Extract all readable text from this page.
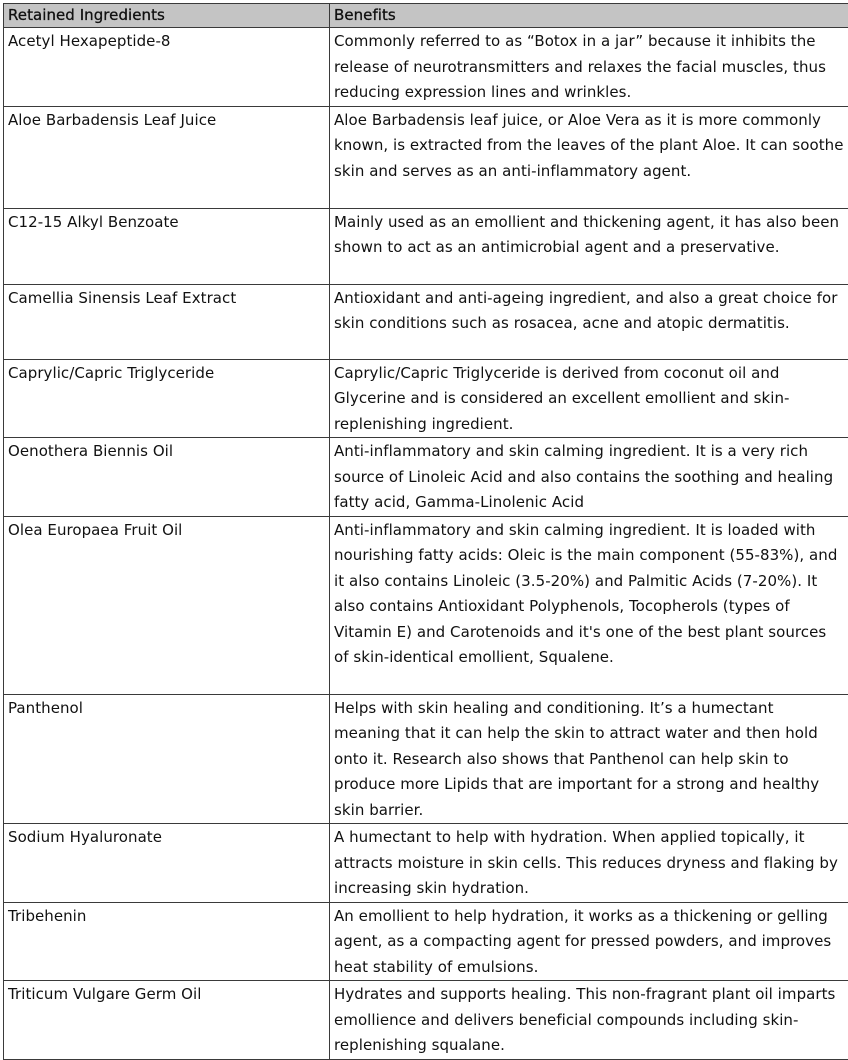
Retained Ingredients	Benefits
Acetyl Hexapeptide-8	Commonly referred to as “Botox in a jar” because it inhibits the release of neurotransmitters and relaxes the facial muscles, thus reducing expression lines and wrinkles.
Aloe Barbadensis Leaf Juice	Aloe Barbadensis leaf juice, or Aloe Vera as it is more commonly known, is extracted from the leaves of the plant Aloe. It can soothe skin and serves as an anti-inflammatory agent.
C12-15 Alkyl Benzoate	Mainly used as an emollient and thickening agent, it has also been shown to act as an antimicrobial agent and a preservative.
Camellia Sinensis Leaf Extract	Antioxidant and anti-ageing ingredient, and also a great choice for skin conditions such as rosacea, acne and atopic dermatitis.
Caprylic/Capric Triglyceride	Caprylic/Capric Triglyceride is derived from coconut oil and Glycerine and is considered an excellent emollient and skin-replenishing ingredient.
Oenothera Biennis Oil	Anti-inflammatory and skin calming ingredient. It is a very rich source of Linoleic Acid and also contains the soothing and healing fatty acid, Gamma-Linolenic Acid
Olea Europaea Fruit Oil	Anti-inflammatory and skin calming ingredient. It is loaded with nourishing fatty acids: Oleic is the main component (55-83%), and it also contains Linoleic (3.5-20%) and Palmitic Acids (7-20%). It also contains Antioxidant Polyphenols, Tocopherols (types of Vitamin E) and Carotenoids and it's one of the best plant sources of skin-identical emollient, Squalene.
Panthenol	Helps with skin healing and conditioning. It’s a humectant meaning that it can help the skin to attract water and then hold onto it. Research also shows that Panthenol can help skin to produce more Lipids that are important for a strong and healthy skin barrier.
Sodium Hyaluronate	A humectant to help with hydration. When applied topically, it attracts moisture in skin cells. This reduces dryness and flaking by increasing skin hydration.
Tribehenin	An emollient to help hydration, it works as a thickening or gelling agent, as a compacting agent for pressed powders, and improves heat stability of emulsions.
Triticum Vulgare Germ Oil	Hydrates and supports healing. This non-fragrant plant oil imparts emollience and delivers beneficial compounds including skin-replenishing squalane.
